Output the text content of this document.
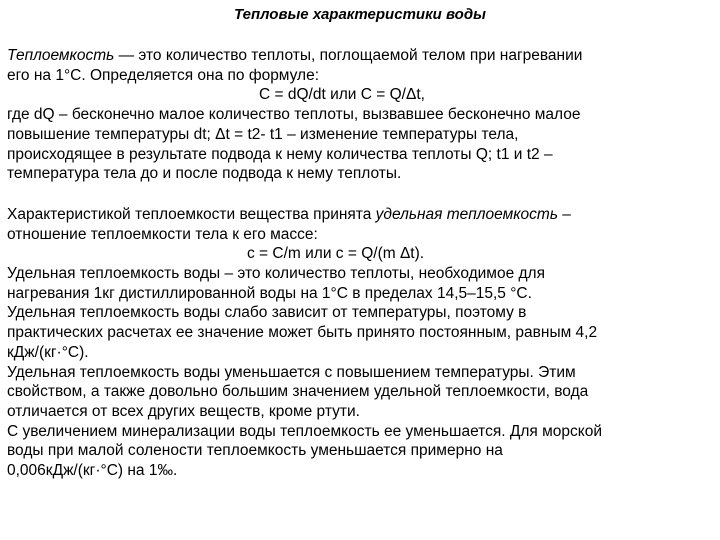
Тепловые характеристики воды
Теплоемкость — это количество теплоты, поглощаемой телом при нагревании
его на 1°С. Определяется она по формуле:
С = dQ/dt или С = Q/Δt,
где dQ – бесконечно малое количество теплоты, вызвавшее бесконечно малое
повышение температуры dt; Δt = t2- t1 – изменение температуры тела,
происходящее в результате подвода к нему количества теплоты Q; t1 и t2 –
температура тела до и после подвода к нему теплоты.
Характеристикой теплоемкости вещества принята удельная теплоемкость –
отношение теплоемкости тела к его массе:
с = С/m или с = Q/(m Δt).
Удельная теплоемкость воды – это количество теплоты, необходимое для
нагревания 1кг дистиллированной воды на 1°С в пределах 14,5–15,5 °С.
Удельная теплоемкость воды слабо зависит от температуры, поэтому в
практических расчетах ее значение может быть принято постоянным, равным 4,2
кДж/(кг·°С).
Удельная теплоемкость воды уменьшается с повышением температуры. Этим
свойством, а также довольно большим значением удельной теплоемкости, вода
отличается от всех других веществ, кроме ртути.
С увеличением минерализации воды теплоемкость ее уменьшается. Для морской
воды при малой солености теплоемкость уменьшается примерно на
0,006кДж/(кг·°С) на 1‰.
